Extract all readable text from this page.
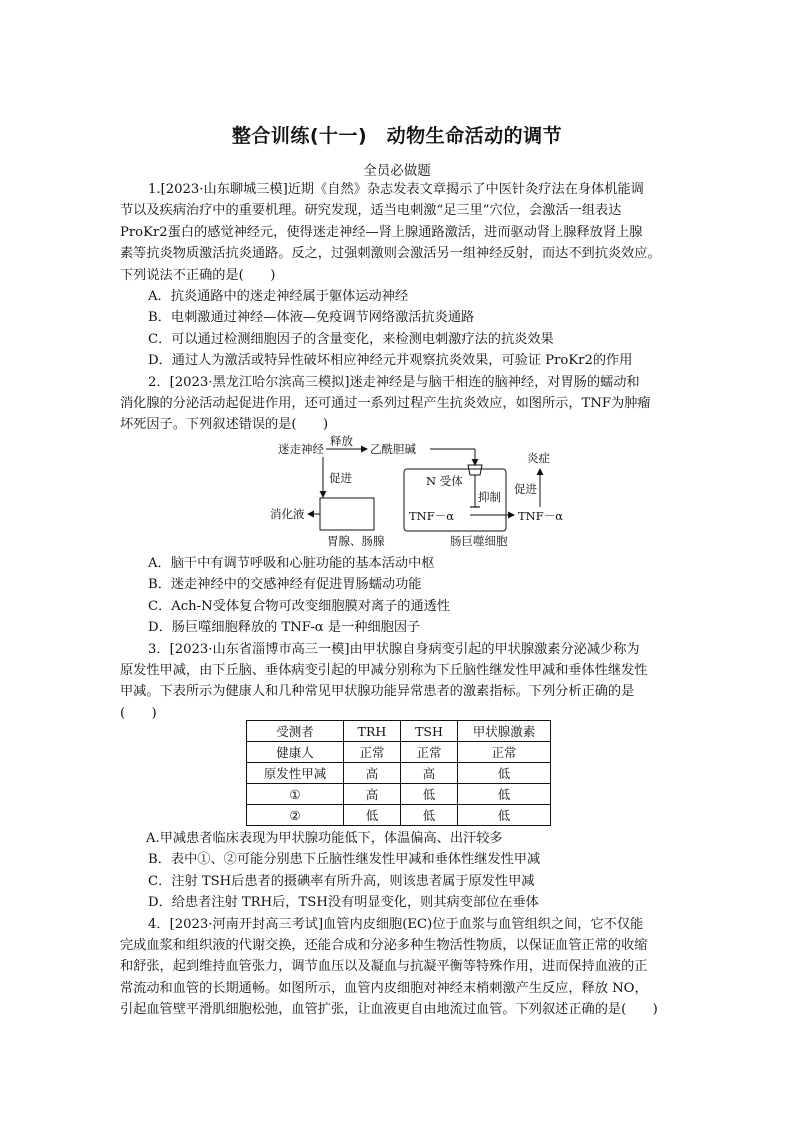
整合训练(十一)　动物生命活动的调节
全员必做题

1.[2023·山东聊城三模]近期《自然》杂志发表文章揭示了中医针灸疗法在身体机能调

节以及疾病治疗中的重要机理。研究发现，适当电刺激“足三里”穴位，会激活一组表达

ProKr2蛋白的感觉神经元，使得迷走神经—肾上腺通路激活，进而驱动肾上腺释放肾上腺

素等抗炎物质激活抗炎通路。反之，过强刺激则会激活另一组神经反射，而达不到抗炎效应。

下列说法不正确的是(　　)

A．抗炎通路中的迷走神经属于躯体运动神经

B．电刺激通过神经—体液—免疫调节网络激活抗炎通路

C．可以通过检测细胞因子的含量变化，来检测电刺激疗法的抗炎效果

D．通过人为激活或特异性破坏相应神经元并观察抗炎效果，可验证 ProKr2的作用

2．[2023·黑龙江哈尔滨高三模拟]迷走神经是与脑干相连的脑神经，对胃肠的蠕动和

消化腺的分泌活动起促进作用，还可通过一系列过程产生抗炎效应，如图所示，TNF为肿瘤

坏死因子。下列叙述错误的是(　　)

迷走神经
释放
乙酰胆碱
炎症
促进	N 受体
抑制
促进
消化液	TNF－α	TNF－α
胃腺、肠腺	肠巨噬细胞

A．脑干中有调节呼吸和心脏功能的基本活动中枢

B．迷走神经中的交感神经有促进胃肠蠕动功能

C．Ach-N受体复合物可改变细胞膜对离子的通透性

D．肠巨噬细胞释放的 TNF-α 是一种细胞因子

3．[2023·山东省淄博市高三一模]由甲状腺自身病变引起的甲状腺激素分泌减少称为

原发性甲减，由下丘脑、垂体病变引起的甲减分别称为下丘脑性继发性甲减和垂体性继发性

甲减。下表所示为健康人和几种常见甲状腺功能异常患者的激素指标。下列分析正确的是

(　　)

受测者	TRH	TSH	甲状腺激素
健康人	正常	正常	正常
原发性甲减	高	高	低
①	高	低	低
②	低	低	低

A.甲减患者临床表现为甲状腺功能低下，体温偏高、出汗较多

B．表中①、②可能分别患下丘脑性继发性甲减和垂体性继发性甲减

C．注射 TSH后患者的摄碘率有所升高，则该患者属于原发性甲减

D．给患者注射 TRH后，TSH没有明显变化，则其病变部位在垂体

4．[2023·河南开封高三考试]血管内皮细胞(EC)位于血浆与血管组织之间，它不仅能

完成血浆和组织液的代谢交换，还能合成和分泌多种生物活性物质，以保证血管正常的收缩

和舒张，起到维持血管张力，调节血压以及凝血与抗凝平衡等特殊作用，进而保持血液的正

常流动和血管的长期通畅。如图所示，血管内皮细胞对神经末梢刺激产生反应，释放 NO，

引起血管壁平滑肌细胞松弛，血管扩张，让血液更自由地流过血管。下列叙述正确的是(　　)
